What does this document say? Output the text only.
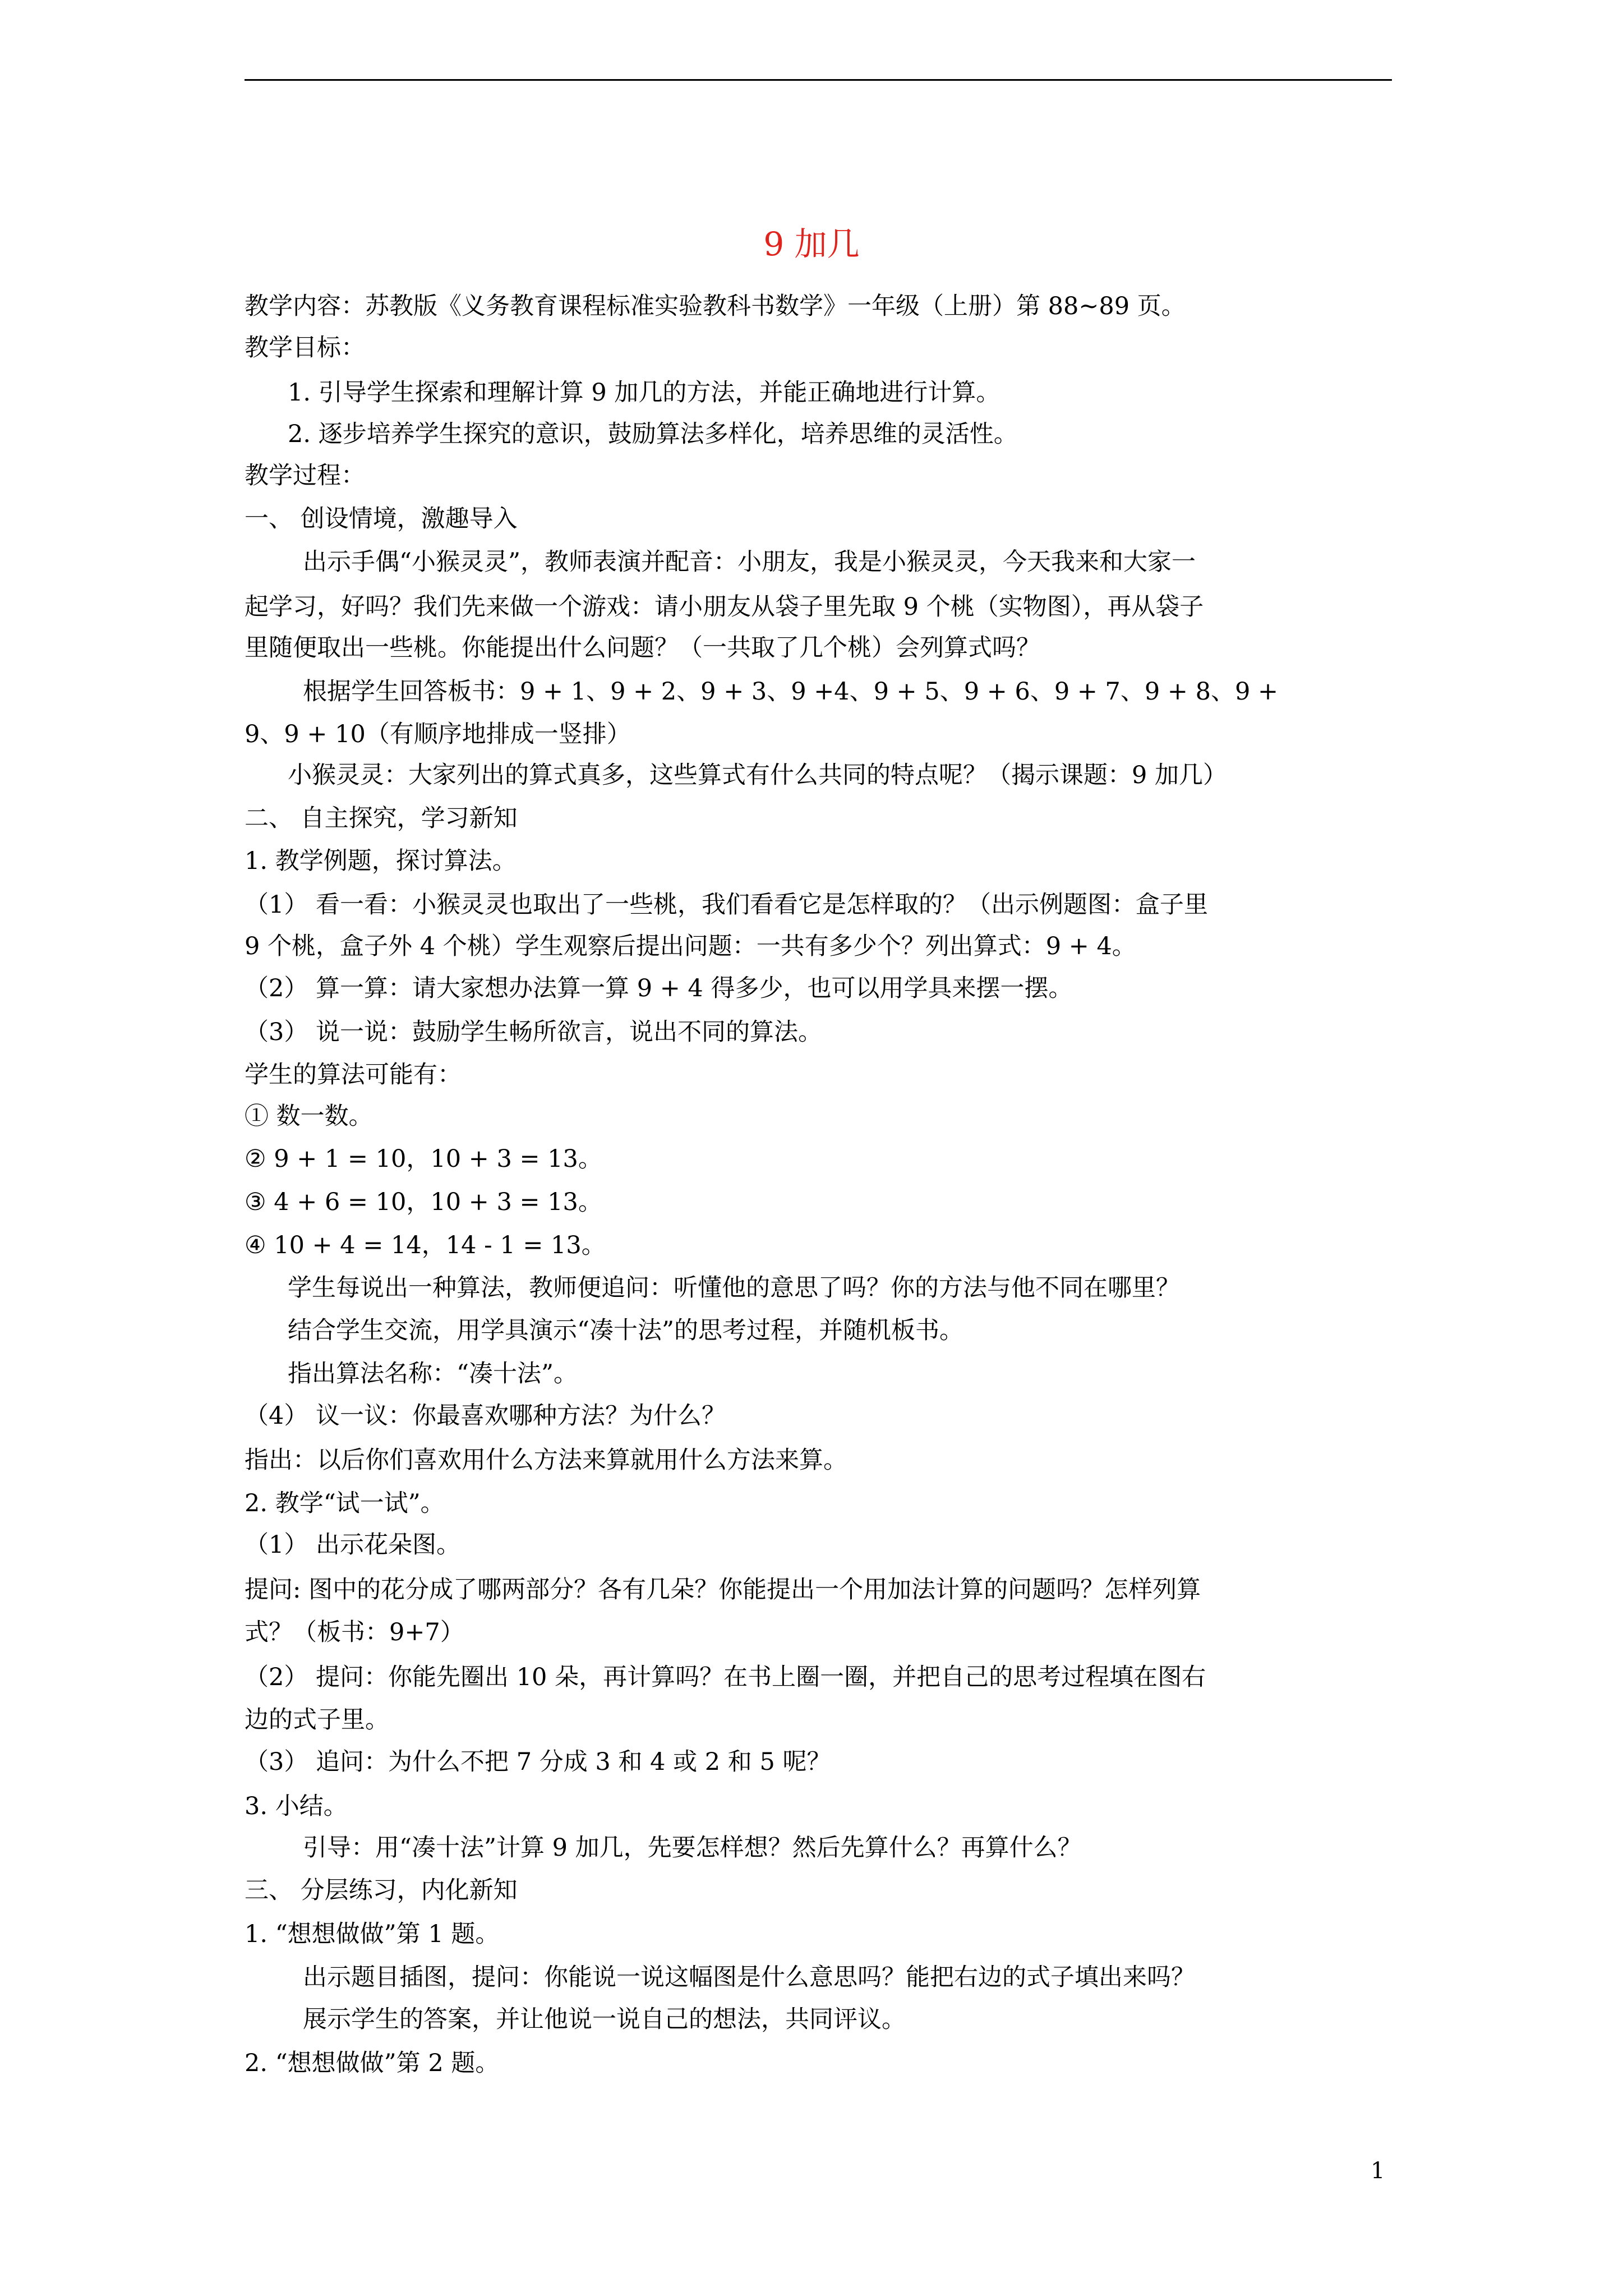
9 加几
教学内容：苏教版《义务教育课程标准实验教科书数学》一年级（上册）第 88~89 页。
教学目标：
1. 引导学生探索和理解计算 9 加几的方法，并能正确地进行计算。
2. 逐步培养学生探究的意识，鼓励算法多样化，培养思维的灵活性。
教学过程：
一、 创设情境，激趣导入
出示手偶“小猴灵灵”，教师表演并配音：小朋友，我是小猴灵灵，今天我来和大家一
起学习，好吗？我们先来做一个游戏：请小朋友从袋子里先取 9 个桃（实物图），再从袋子
里随便取出一些桃。你能提出什么问题？（一共取了几个桃）会列算式吗？
根据学生回答板书：9 + 1、9 + 2、9 + 3、9 +4、9 + 5、9 + 6、9 + 7、9 + 8、9 +
9、9 + 10（有顺序地排成一竖排）
小猴灵灵：大家列出的算式真多，这些算式有什么共同的特点呢？（揭示课题：9 加几）
二、 自主探究，学习新知
1. 教学例题，探讨算法。
（1） 看一看：小猴灵灵也取出了一些桃，我们看看它是怎样取的？（出示例题图：盒子里
9 个桃，盒子外 4 个桃）学生观察后提出问题：一共有多少个？列出算式：9 + 4。
（2） 算一算：请大家想办法算一算 9 + 4 得多少，也可以用学具来摆一摆。
（3） 说一说：鼓励学生畅所欲言，说出不同的算法。
学生的算法可能有：
① 数一数。
② 9 + 1 = 10，10 + 3 = 13。
③ 4 + 6 = 10，10 + 3 = 13。
④ 10 + 4 = 14，14 - 1 = 13。
学生每说出一种算法，教师便追问：听懂他的意思了吗？你的方法与他不同在哪里？
结合学生交流，用学具演示“凑十法”的思考过程，并随机板书。
指出算法名称：“凑十法”。
（4） 议一议：你最喜欢哪种方法？为什么？
指出：以后你们喜欢用什么方法来算就用什么方法来算。
2. 教学“试一试”。
（1） 出示花朵图。
提问: 图中的花分成了哪两部分？各有几朵？你能提出一个用加法计算的问题吗？怎样列算
式？（板书：9+7）
（2） 提问：你能先圈出 10 朵，再计算吗？在书上圈一圈，并把自己的思考过程填在图右
边的式子里。
（3） 追问：为什么不把 7 分成 3 和 4 或 2 和 5 呢？
3. 小结。
引导：用“凑十法”计算 9 加几，先要怎样想？然后先算什么？再算什么？
三、 分层练习，内化新知
1. “想想做做”第 1 题。
出示题目插图，提问：你能说一说这幅图是什么意思吗？能把右边的式子填出来吗？
展示学生的答案，并让他说一说自己的想法，共同评议。
2. “想想做做”第 2 题。
1
